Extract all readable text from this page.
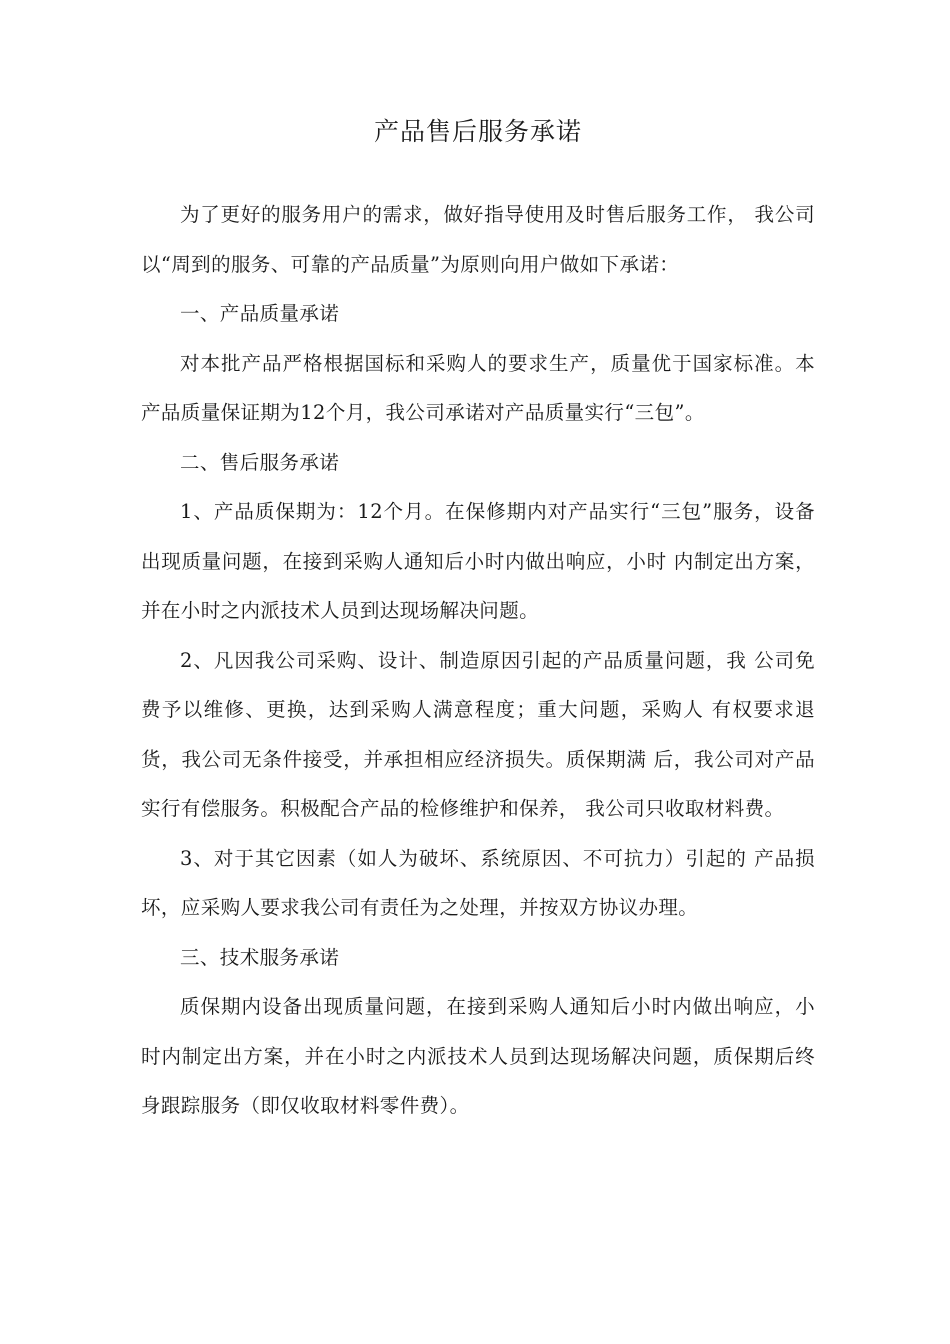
产品售后服务承诺

为了更好的服务用户的需求，做好指导使用及时售后服务工作， 我公司以“周到的服务、可靠的产品质量”为原则向用户做如下承诺：

一、产品质量承诺

对本批产品严格根据国标和采购人的要求生产，质量优于国家标准。本产品质量保证期为12个月，我公司承诺对产品质量实行“三包”。

二、售后服务承诺

1、产品质保期为：12个月。在保修期内对产品实行“三包”服务，设备出现质量问题，在接到采购人通知后小时内做出响应，小时 内制定出方案，并在小时之内派技术人员到达现场解决问题。

2、凡因我公司采购、设计、制造原因引起的产品质量问题，我 公司免费予以维修、更换，达到采购人满意程度；重大问题，采购人 有权要求退货，我公司无条件接受，并承担相应经济损失。质保期满 后，我公司对产品实行有偿服务。积极配合产品的检修维护和保养， 我公司只收取材料费。

3、对于其它因素（如人为破坏、系统原因、不可抗力）引起的 产品损坏，应采购人要求我公司有责任为之处理，并按双方协议办理。

三、技术服务承诺

质保期内设备出现质量问题，在接到采购人通知后小时内做出响应，小时内制定出方案，并在小时之内派技术人员到达现场解决问题，质保期后终身跟踪服务（即仅收取材料零件费）。
